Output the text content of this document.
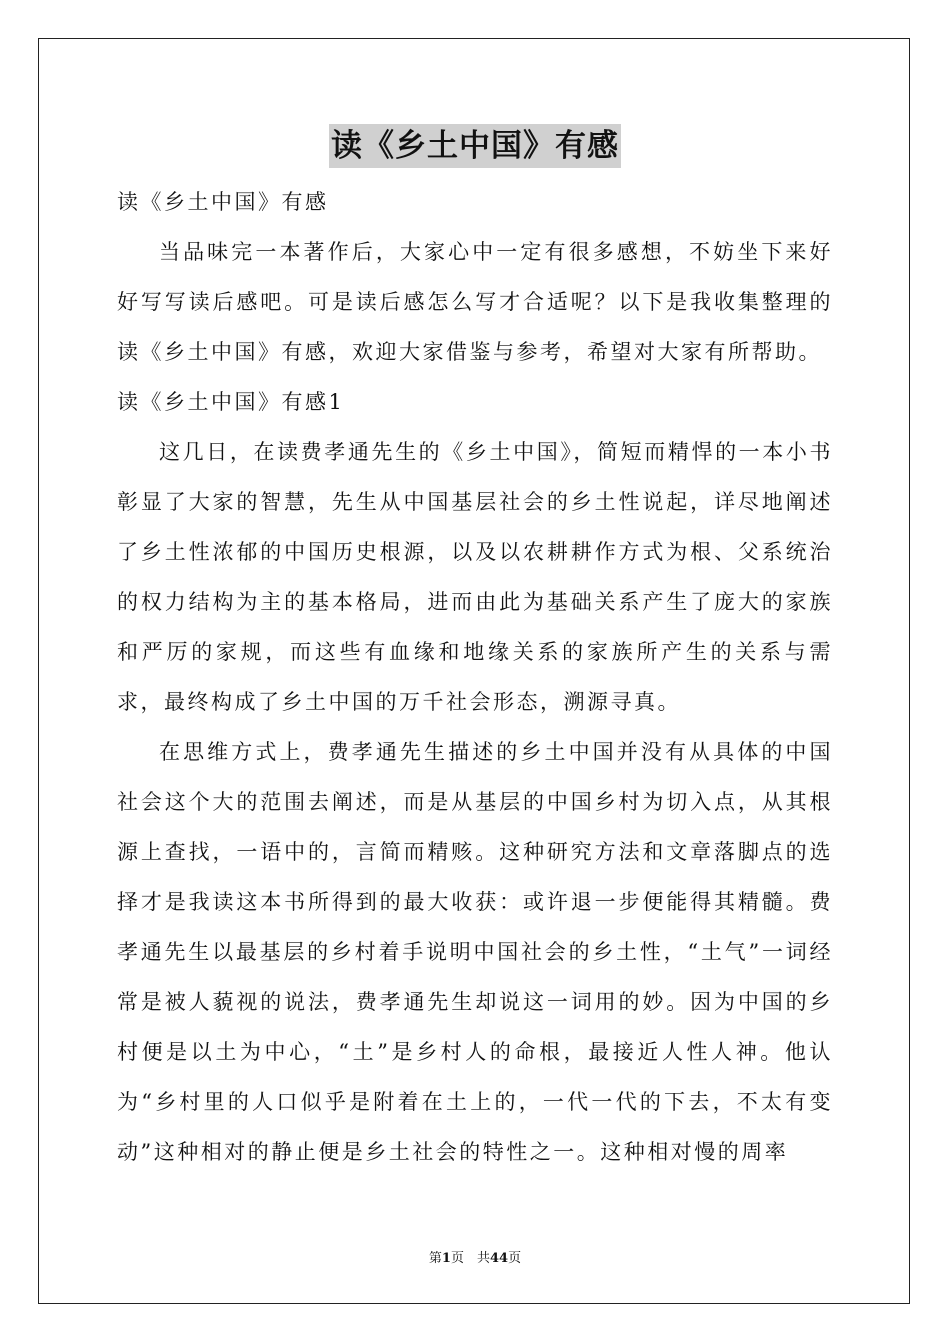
读《乡土中国》有感

读《乡土中国》有感

当品味完一本著作后，大家心中一定有很多感想，不妨坐下来好好写写读后感吧。可是读后感怎么写才合适呢？以下是我收集整理的读《乡土中国》有感，欢迎大家借鉴与参考，希望对大家有所帮助。

读《乡土中国》有感1

这几日，在读费孝通先生的《乡土中国》，简短而精悍的一本小书彰显了大家的智慧，先生从中国基层社会的乡土性说起，详尽地阐述了乡土性浓郁的中国历史根源，以及以农耕耕作方式为根、父系统治的权力结构为主的基本格局，进而由此为基础关系产生了庞大的家族和严厉的家规，而这些有血缘和地缘关系的家族所产生的关系与需求，最终构成了乡土中国的万千社会形态，溯源寻真。

在思维方式上，费孝通先生描述的乡土中国并没有从具体的中国社会这个大的范围去阐述，而是从基层的中国乡村为切入点，从其根源上查找，一语中的，言简而精赅。这种研究方法和文章落脚点的选择才是我读这本书所得到的最大收获：或许退一步便能得其精髓。费孝通先生以最基层的乡村着手说明中国社会的乡土性，“土气”一词经常是被人藐视的说法，费孝通先生却说这一词用的妙。因为中国的乡村便是以土为中心，“土”是乡村人的命根，最接近人性人神。他认为“乡村里的人口似乎是附着在土上的，一代一代的下去，不太有变动”这种相对的静止便是乡土社会的特性之一。这种相对慢的周率

第1页　共44页
